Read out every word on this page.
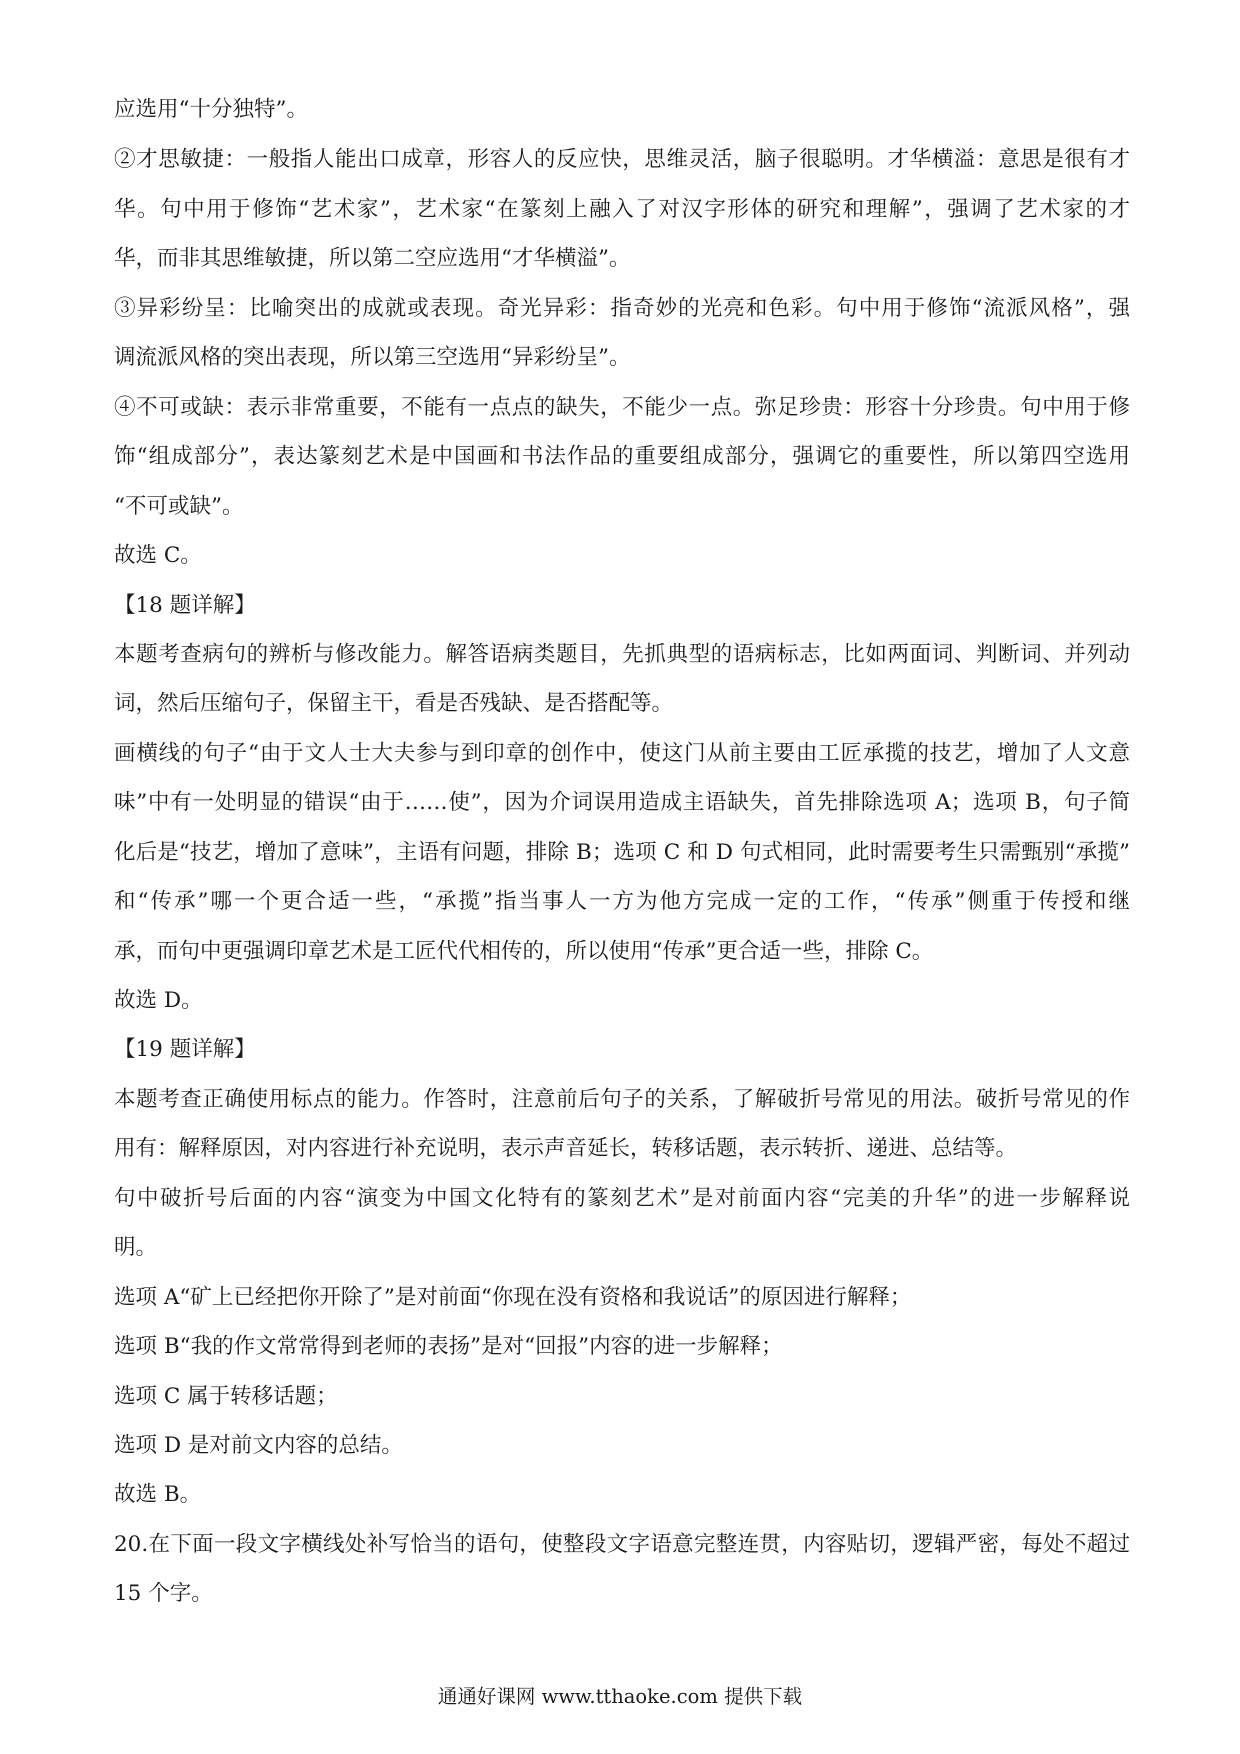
应选用“十分独特”。
②才思敏捷：一般指人能出口成章，形容人的反应快，思维灵活，脑子很聪明。才华横溢：意思是很有才
华。句中用于修饰“艺术家”，艺术家“在篆刻上融入了对汉字形体的研究和理解”，强调了艺术家的才
华，而非其思维敏捷，所以第二空应选用“才华横溢”。
③异彩纷呈：比喻突出的成就或表现。奇光异彩：指奇妙的光亮和色彩。句中用于修饰“流派风格”，强
调流派风格的突出表现，所以第三空选用“异彩纷呈”。
④不可或缺：表示非常重要，不能有一点点的缺失，不能少一点。弥足珍贵：形容十分珍贵。句中用于修
饰“组成部分”，表达篆刻艺术是中国画和书法作品的重要组成部分，强调它的重要性，所以第四空选用
“不可或缺”。
故选 C。
【18 题详解】
本题考查病句的辨析与修改能力。解答语病类题目，先抓典型的语病标志，比如两面词、判断词、并列动
词，然后压缩句子，保留主干，看是否残缺、是否搭配等。
画横线的句子“由于文人士大夫参与到印章的创作中，使这门从前主要由工匠承揽的技艺，增加了人文意
味”中有一处明显的错误“由于……使”，因为介词误用造成主语缺失，首先排除选项 A；选项 B，句子简
化后是“技艺，增加了意味”，主语有问题，排除 B；选项 C 和 D 句式相同，此时需要考生只需甄别“承揽”
和“传承”哪一个更合适一些，“承揽”指当事人一方为他方完成一定的工作，“传承”侧重于传授和继
承，而句中更强调印章艺术是工匠代代相传的，所以使用“传承”更合适一些，排除 C。
故选 D。
【19 题详解】
本题考查正确使用标点的能力。作答时，注意前后句子的关系，了解破折号常见的用法。破折号常见的作
用有：解释原因，对内容进行补充说明，表示声音延长，转移话题，表示转折、递进、总结等。
句中破折号后面的内容“演变为中国文化特有的篆刻艺术”是对前面内容“完美的升华”的进一步解释说
明。
选项 A“矿上已经把你开除了”是对前面“你现在没有资格和我说话”的原因进行解释；
选项 B“我的作文常常得到老师的表扬”是对“回报”内容的进一步解释；
选项 C 属于转移话题；
选项 D 是对前文内容的总结。
故选 B。
20.在下面一段文字横线处补写恰当的语句，使整段文字语意完整连贯，内容贴切，逻辑严密，每处不超过
15 个字。
通通好课网 www.tthaoke.com 提供下载
